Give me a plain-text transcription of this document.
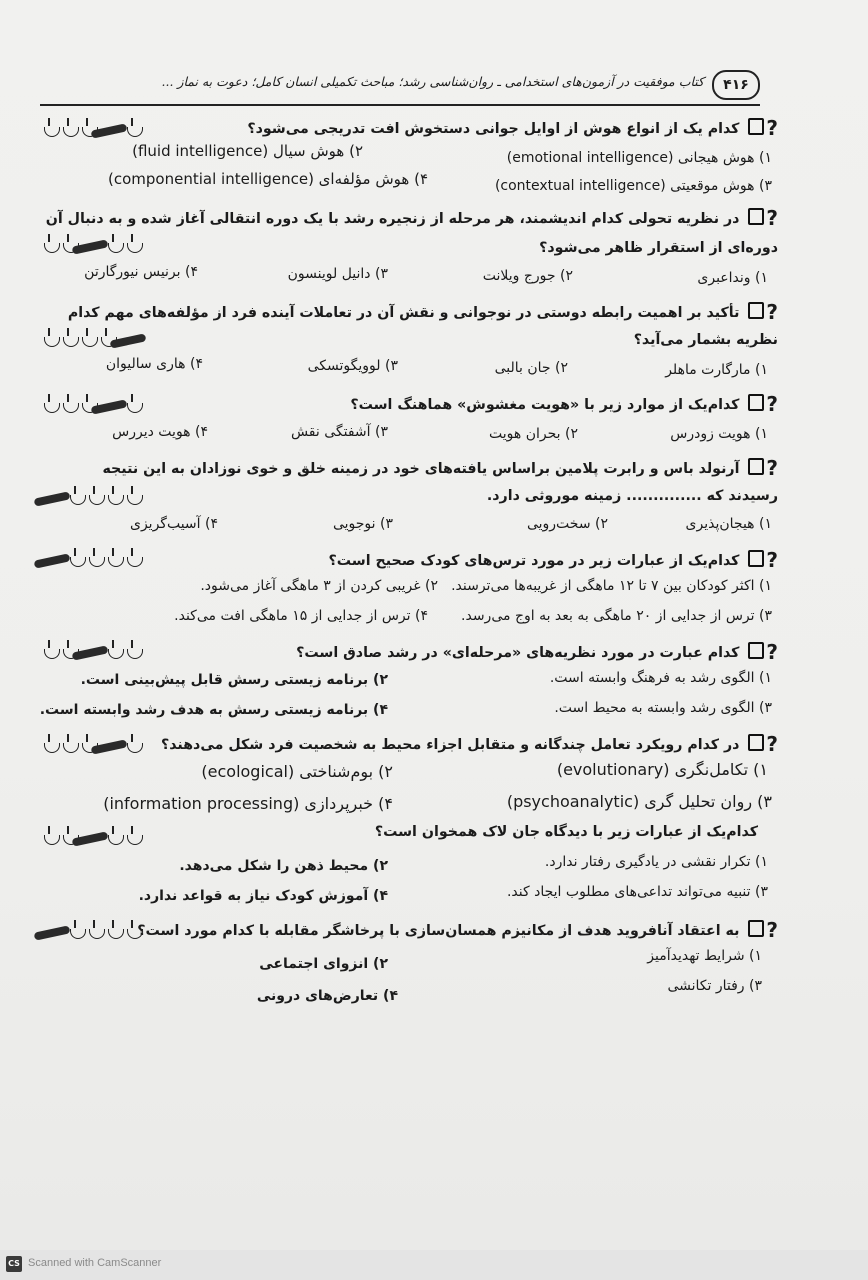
۴۱۶
کتاب موفقیت در آزمون‌های استخدامی ـ روان‌شناسی رشد؛ مباحث تکمیلی انسان کامل؛ دعوت به نماز ...
? کدام یک از انواع هوش از اوایل جوانی دستخوش افت تدریجی می‌شود؟
۱) هوش هیجانی (emotional intelligence)
۲) هوش سیال (fluid intelligence)
۳) هوش موقعیتی (contextual intelligence)
۴) هوش مؤلفه‌ای (componential intelligence)
? در نظریه تحولی کدام اندیشمند، هر مرحله از زنجیره رشد با یک دوره انتقالی آغاز شده و به دنبال آن
دوره‌ای از استقرار ظاهر می‌شود؟
۱) ونداعبری
۲) جورج ویلانت
۳) دانیل لوینسون
۴) برنیس نیورگارتن
? تأکید بر اهمیت رابطه دوستی در نوجوانی و نقش آن در تعاملات آینده فرد از مؤلفه‌های مهم کدام
نظریه بشمار می‌آید؟
۱) مارگارت ماهلر
۲) جان بالبی
۳) لوویگوتسکی
۴) هاری سالیوان
? کدام‌یک از موارد زیر با «هویت مغشوش» هماهنگ است؟
۱) هویت زودرس
۲) بحران هویت
۳) آشفتگی نقش
۴) هویت دیررس
? آرنولد باس و رابرت پلامین براساس یافته‌های خود در زمینه خلق و خوی نوزادان به این نتیجه
رسیدند که .............. زمینه موروثی دارد.
۱) هیجان‌پذیری
۲) سخت‌رویی
۳) نوجویی
۴) آسیب‌گریزی
? کدام‌یک از عبارات زیر در مورد ترس‌های کودک صحیح است؟
۱) اکثر کودکان بین ۷ تا ۱۲ ماهگی از غریبه‌ها می‌ترسند.
۲) غریبی کردن از ۳ ماهگی آغاز می‌شود.
۳) ترس از جدایی از ۲۰ ماهگی به بعد به اوج می‌رسد.
۴) ترس از جدایی از ۱۵ ماهگی افت می‌کند.
? کدام عبارت در مورد نظریه‌های «مرحله‌ای» در رشد صادق است؟
۱) الگوی رشد به فرهنگ وابسته است.
۲) برنامه زیستی رسش قابل پیش‌بینی است.
۳) الگوی رشد وابسته به محیط است.
۴) برنامه زیستی رسش به هدف رشد وابسته است.
? در کدام رویکرد تعامل چندگانه و متقابل اجزاء محیط به شخصیت فرد شکل می‌دهند؟
۱) تکامل‌نگری (evolutionary)
۲) بوم‌شناختی (ecological)
۳) روان تحلیل گری (psychoanalytic)
۴) خبرپردازی (information processing)
کدام‌یک از عبارات زیر با دیدگاه جان لاک همخوان است؟
۱) تکرار نقشی در یادگیری رفتار ندارد.
۲) محیط ذهن را شکل می‌دهد.
۳) تنبیه می‌تواند تداعی‌های مطلوب ایجاد کند.
۴) آموزش کودک نیاز به قواعد ندارد.
? به اعتقاد آنافروید هدف از مکانیزم همسان‌سازی با پرخاشگر مقابله با کدام مورد است؟
۱) شرایط تهدیدآمیز
۲) انزوای اجتماعی
۳) رفتار تکانشی
۴) تعارض‌های درونی
CS Scanned with CamScanner
